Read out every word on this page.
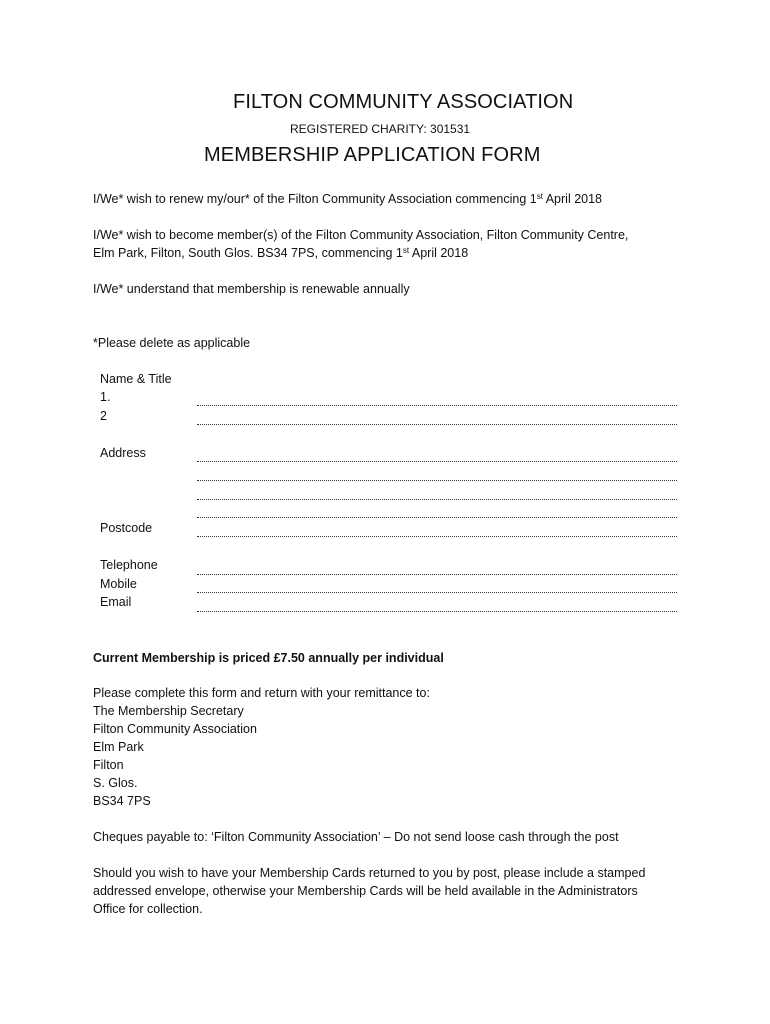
FILTON COMMUNITY ASSOCIATION
REGISTERED CHARITY: 301531
MEMBERSHIP APPLICATION FORM
I/We* wish to renew my/our* of the Filton Community Association commencing 1st April 2018
I/We* wish to become member(s) of the Filton Community Association, Filton Community Centre,
Elm Park, Filton, South Glos. BS34 7PS, commencing 1st April 2018
I/We* understand that membership is renewable annually
*Please delete as applicable
Name & Title
1.
2
Address
Postcode
Telephone
Mobile
Email
Current Membership is priced £7.50 annually per individual
Please complete this form and return with your remittance to:
The Membership Secretary
Filton Community Association
Elm Park
Filton
S. Glos.
BS34 7PS
Cheques payable to: ‘Filton Community Association’ – Do not send loose cash through the post
Should you wish to have your Membership Cards returned to you by post, please include a stamped
addressed envelope, otherwise your Membership Cards will be held available in the Administrators
Office for collection.
